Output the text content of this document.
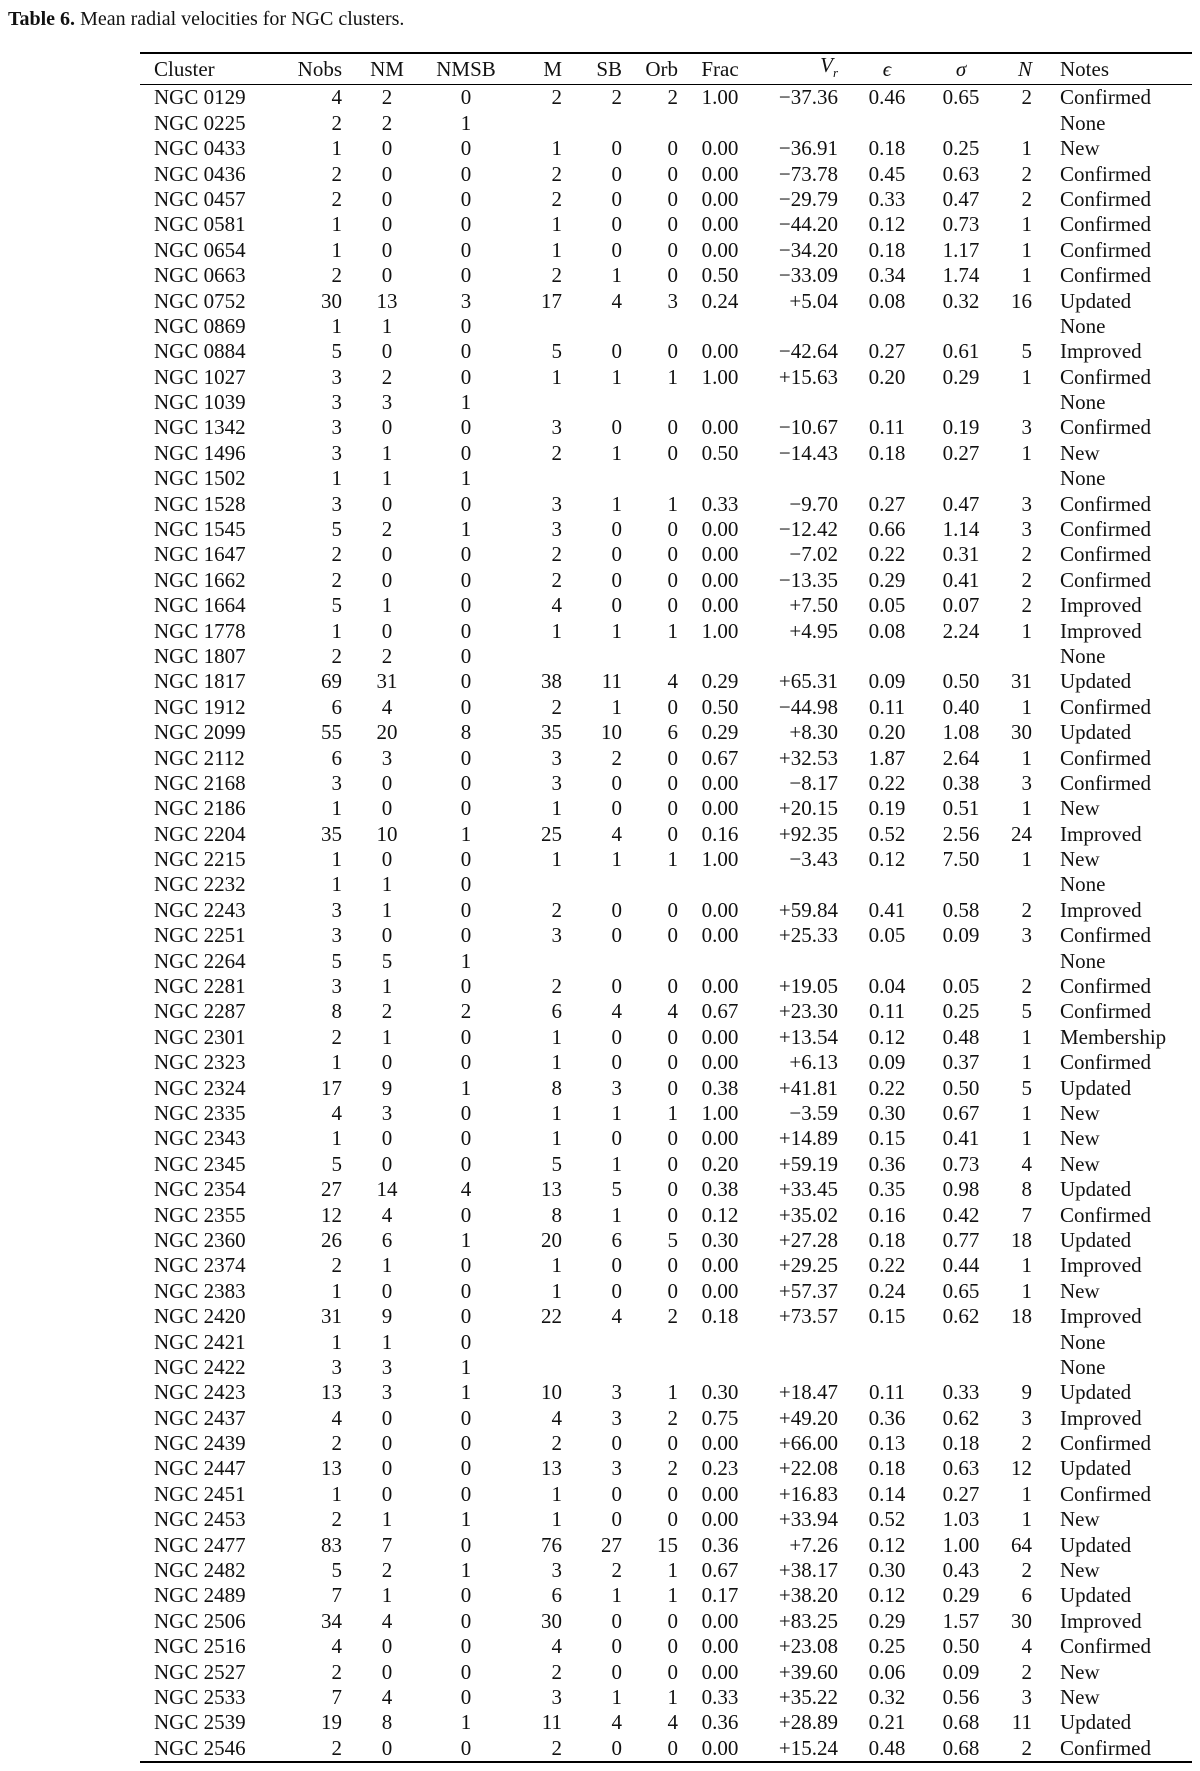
Table 6. Mean radial velocities for NGC clusters.
Cluster	Nobs	NM	NMSB	M	SB	Orb	Frac	$V_r$	ϵ	σ	N	Notes
NGC 0129	4	2	0	2	2	2	1.00	−37.36	0.46	0.65	2	Confirmed
NGC 0225	2	2	1									None
NGC 0433	1	0	0	1	0	0	0.00	−36.91	0.18	0.25	1	New
NGC 0436	2	0	0	2	0	0	0.00	−73.78	0.45	0.63	2	Confirmed
NGC 0457	2	0	0	2	0	0	0.00	−29.79	0.33	0.47	2	Confirmed
NGC 0581	1	0	0	1	0	0	0.00	−44.20	0.12	0.73	1	Confirmed
NGC 0654	1	0	0	1	0	0	0.00	−34.20	0.18	1.17	1	Confirmed
NGC 0663	2	0	0	2	1	0	0.50	−33.09	0.34	1.74	1	Confirmed
NGC 0752	30	13	3	17	4	3	0.24	+5.04	0.08	0.32	16	Updated
NGC 0869	1	1	0									None
NGC 0884	5	0	0	5	0	0	0.00	−42.64	0.27	0.61	5	Improved
NGC 1027	3	2	0	1	1	1	1.00	+15.63	0.20	0.29	1	Confirmed
NGC 1039	3	3	1									None
NGC 1342	3	0	0	3	0	0	0.00	−10.67	0.11	0.19	3	Confirmed
NGC 1496	3	1	0	2	1	0	0.50	−14.43	0.18	0.27	1	New
NGC 1502	1	1	1									None
NGC 1528	3	0	0	3	1	1	0.33	−9.70	0.27	0.47	3	Confirmed
NGC 1545	5	2	1	3	0	0	0.00	−12.42	0.66	1.14	3	Confirmed
NGC 1647	2	0	0	2	0	0	0.00	−7.02	0.22	0.31	2	Confirmed
NGC 1662	2	0	0	2	0	0	0.00	−13.35	0.29	0.41	2	Confirmed
NGC 1664	5	1	0	4	0	0	0.00	+7.50	0.05	0.07	2	Improved
NGC 1778	1	0	0	1	1	1	1.00	+4.95	0.08	2.24	1	Improved
NGC 1807	2	2	0									None
NGC 1817	69	31	0	38	11	4	0.29	+65.31	0.09	0.50	31	Updated
NGC 1912	6	4	0	2	1	0	0.50	−44.98	0.11	0.40	1	Confirmed
NGC 2099	55	20	8	35	10	6	0.29	+8.30	0.20	1.08	30	Updated
NGC 2112	6	3	0	3	2	0	0.67	+32.53	1.87	2.64	1	Confirmed
NGC 2168	3	0	0	3	0	0	0.00	−8.17	0.22	0.38	3	Confirmed
NGC 2186	1	0	0	1	0	0	0.00	+20.15	0.19	0.51	1	New
NGC 2204	35	10	1	25	4	0	0.16	+92.35	0.52	2.56	24	Improved
NGC 2215	1	0	0	1	1	1	1.00	−3.43	0.12	7.50	1	New
NGC 2232	1	1	0									None
NGC 2243	3	1	0	2	0	0	0.00	+59.84	0.41	0.58	2	Improved
NGC 2251	3	0	0	3	0	0	0.00	+25.33	0.05	0.09	3	Confirmed
NGC 2264	5	5	1									None
NGC 2281	3	1	0	2	0	0	0.00	+19.05	0.04	0.05	2	Confirmed
NGC 2287	8	2	2	6	4	4	0.67	+23.30	0.11	0.25	5	Confirmed
NGC 2301	2	1	0	1	0	0	0.00	+13.54	0.12	0.48	1	Membership
NGC 2323	1	0	0	1	0	0	0.00	+6.13	0.09	0.37	1	Confirmed
NGC 2324	17	9	1	8	3	0	0.38	+41.81	0.22	0.50	5	Updated
NGC 2335	4	3	0	1	1	1	1.00	−3.59	0.30	0.67	1	New
NGC 2343	1	0	0	1	0	0	0.00	+14.89	0.15	0.41	1	New
NGC 2345	5	0	0	5	1	0	0.20	+59.19	0.36	0.73	4	New
NGC 2354	27	14	4	13	5	0	0.38	+33.45	0.35	0.98	8	Updated
NGC 2355	12	4	0	8	1	0	0.12	+35.02	0.16	0.42	7	Confirmed
NGC 2360	26	6	1	20	6	5	0.30	+27.28	0.18	0.77	18	Updated
NGC 2374	2	1	0	1	0	0	0.00	+29.25	0.22	0.44	1	Improved
NGC 2383	1	0	0	1	0	0	0.00	+57.37	0.24	0.65	1	New
NGC 2420	31	9	0	22	4	2	0.18	+73.57	0.15	0.62	18	Improved
NGC 2421	1	1	0									None
NGC 2422	3	3	1									None
NGC 2423	13	3	1	10	3	1	0.30	+18.47	0.11	0.33	9	Updated
NGC 2437	4	0	0	4	3	2	0.75	+49.20	0.36	0.62	3	Improved
NGC 2439	2	0	0	2	0	0	0.00	+66.00	0.13	0.18	2	Confirmed
NGC 2447	13	0	0	13	3	2	0.23	+22.08	0.18	0.63	12	Updated
NGC 2451	1	0	0	1	0	0	0.00	+16.83	0.14	0.27	1	Confirmed
NGC 2453	2	1	1	1	0	0	0.00	+33.94	0.52	1.03	1	New
NGC 2477	83	7	0	76	27	15	0.36	+7.26	0.12	1.00	64	Updated
NGC 2482	5	2	1	3	2	1	0.67	+38.17	0.30	0.43	2	New
NGC 2489	7	1	0	6	1	1	0.17	+38.20	0.12	0.29	6	Updated
NGC 2506	34	4	0	30	0	0	0.00	+83.25	0.29	1.57	30	Improved
NGC 2516	4	0	0	4	0	0	0.00	+23.08	0.25	0.50	4	Confirmed
NGC 2527	2	0	0	2	0	0	0.00	+39.60	0.06	0.09	2	New
NGC 2533	7	4	0	3	1	1	0.33	+35.22	0.32	0.56	3	New
NGC 2539	19	8	1	11	4	4	0.36	+28.89	0.21	0.68	11	Updated
NGC 2546	2	0	0	2	0	0	0.00	+15.24	0.48	0.68	2	Confirmed
